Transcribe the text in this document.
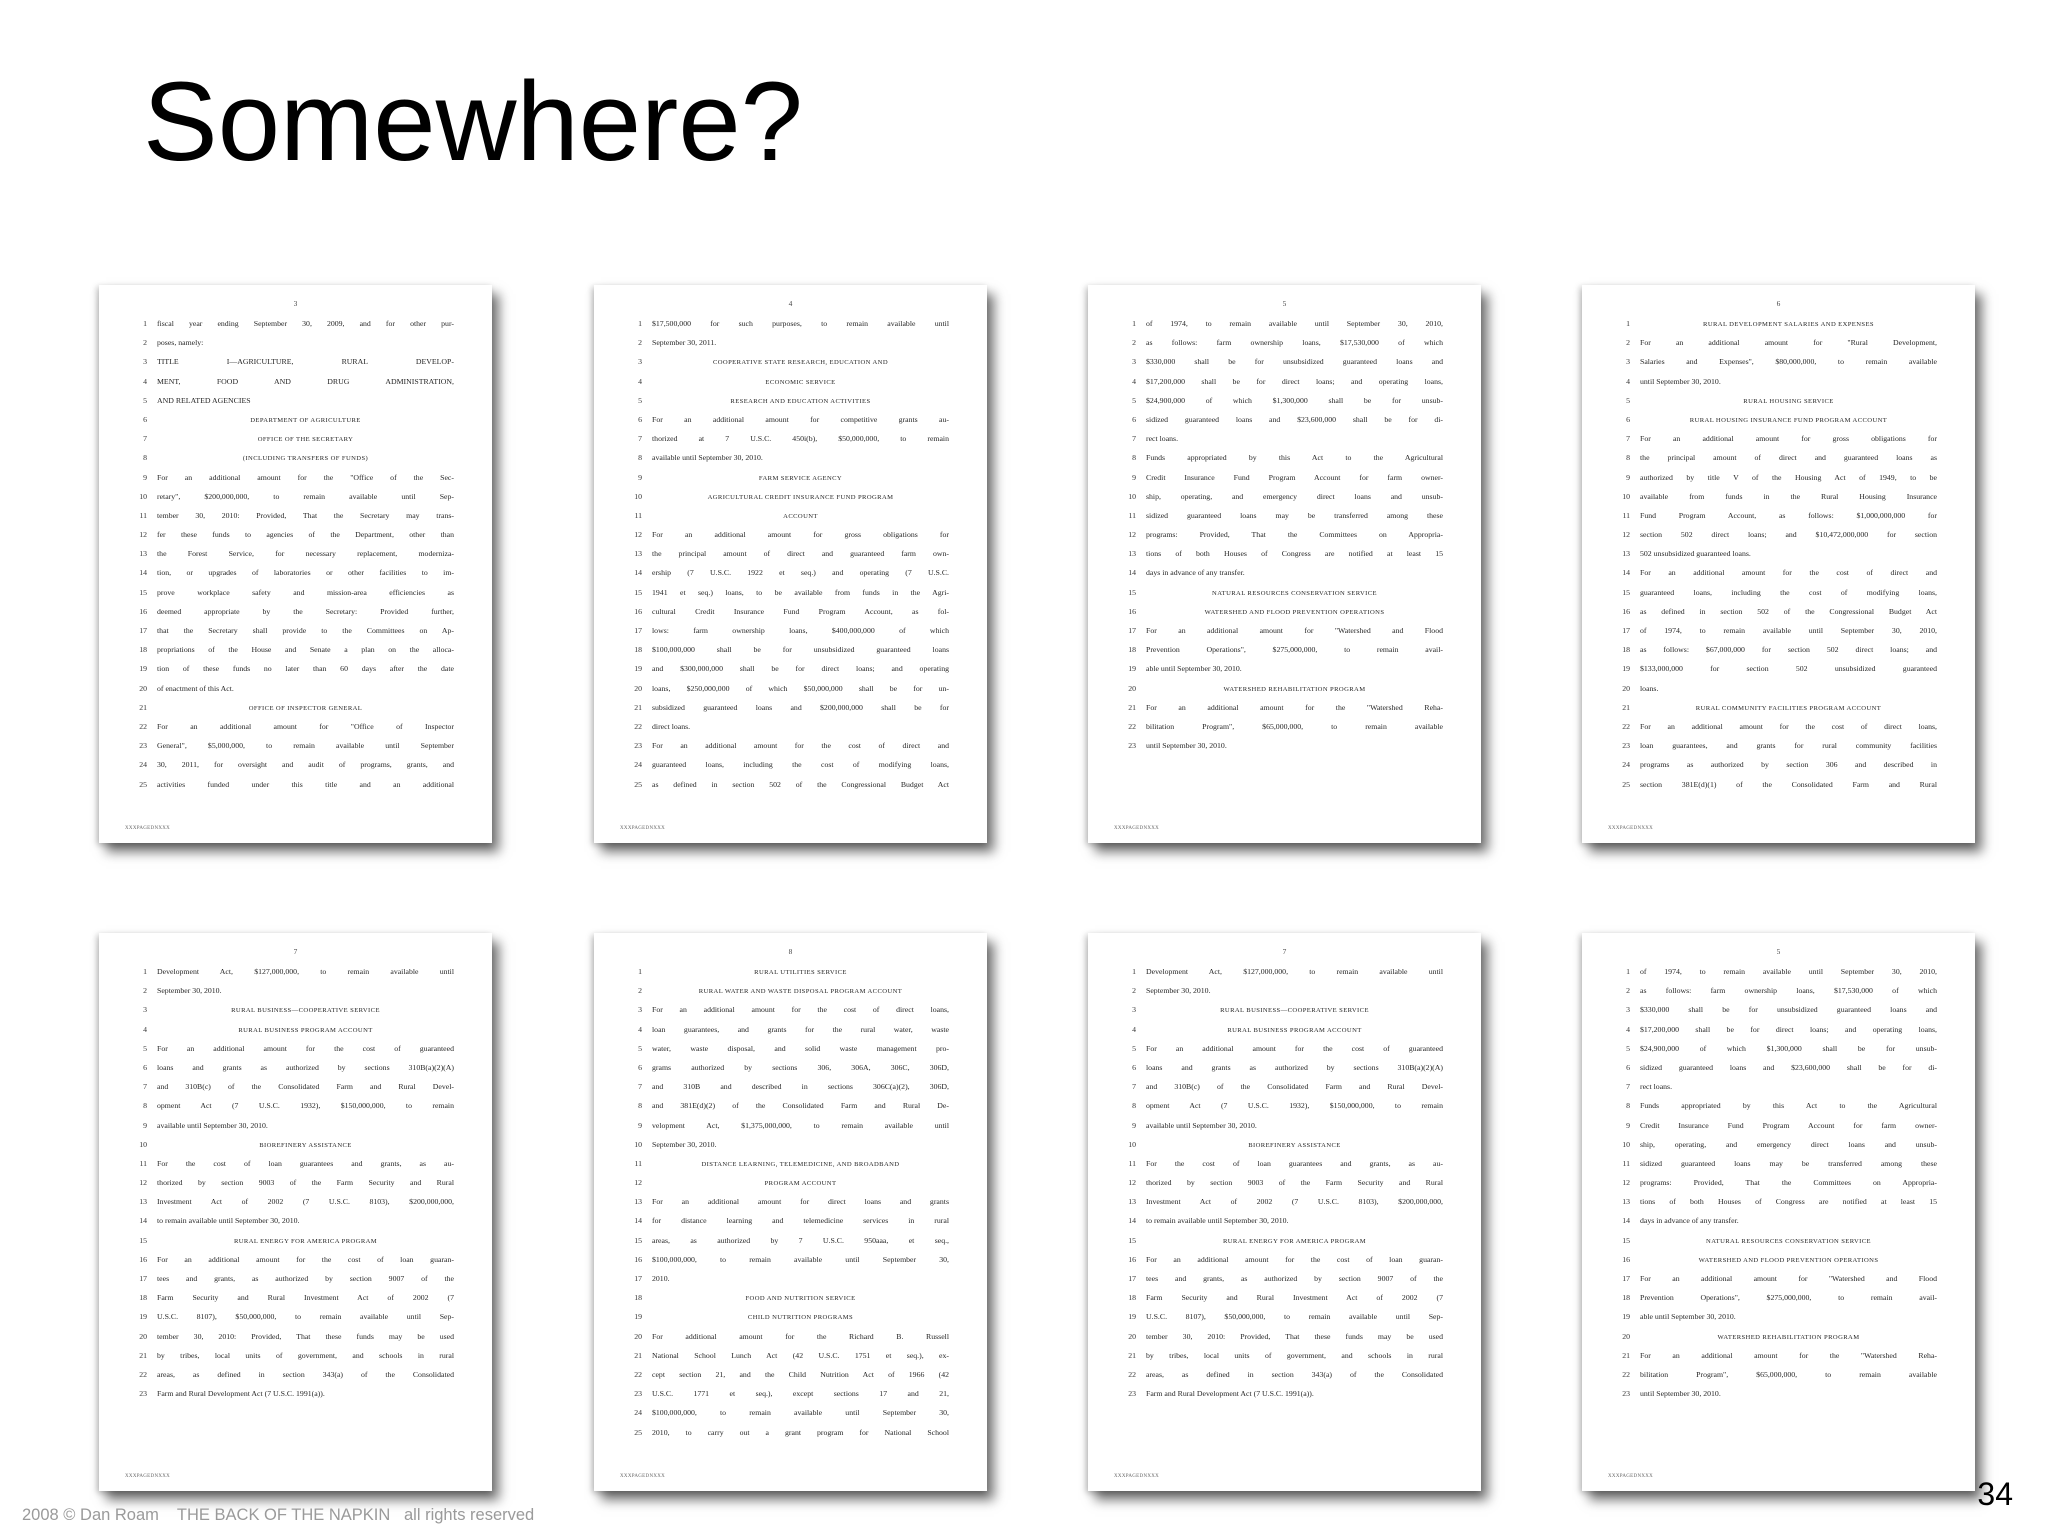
Somewhere?
3
1 fiscal year ending September 30, 2009, and for other pur-
2 poses, namely:
3 TITLE I—AGRICULTURE, RURAL DEVELOP-
4 MENT, FOOD AND DRUG ADMINISTRATION,
5 AND RELATED AGENCIES
6	DEPARTMENT OF AGRICULTURE
7	OFFICE OF THE SECRETARY
8	(INCLUDING TRANSFERS OF FUNDS)
9 For an additional amount for the "Office of the Sec-
10 retary", $200,000,000, to remain available until Sep-
11 tember 30, 2010: Provided, That the Secretary may trans-
12 fer these funds to agencies of the Department, other than
13 the Forest Service, for necessary replacement, moderniza-
14 tion, or upgrades of laboratories or other facilities to im-
15 prove workplace safety and mission-area efficiencies as
16 deemed appropriate by the Secretary: Provided further,
17 that the Secretary shall provide to the Committees on Ap-
18 propriations of the House and Senate a plan on the alloca-
19 tion of these funds no later than 60 days after the date
20 of enactment of this Act.
21	OFFICE OF INSPECTOR GENERAL
22 For an additional amount for "Office of Inspector
23 General", $5,000,000, to remain available until September
24 30, 2011, for oversight and audit of programs, grants, and
25 activities funded under this title and an additional
XXXPAGEDNXXX
4
1 $17,500,000 for such purposes, to remain available until
2 September 30, 2011.
3	COOPERATIVE STATE RESEARCH, EDUCATION AND
4	ECONOMIC SERVICE
5	RESEARCH AND EDUCATION ACTIVITIES
6 For an additional amount for competitive grants au-
7 thorized at 7 U.S.C. 450i(b), $50,000,000, to remain
8 available until September 30, 2010.
9	FARM SERVICE AGENCY
10	AGRICULTURAL CREDIT INSURANCE FUND PROGRAM
11	ACCOUNT
12 For an additional amount for gross obligations for
13 the principal amount of direct and guaranteed farm own-
14 ership (7 U.S.C. 1922 et seq.) and operating (7 U.S.C.
15 1941 et seq.) loans, to be available from funds in the Agri-
16 cultural Credit Insurance Fund Program Account, as fol-
17 lows: farm ownership loans, $400,000,000 of which
18 $100,000,000 shall be for unsubsidized guaranteed loans
19 and $300,000,000 shall be for direct loans; and operating
20 loans, $250,000,000 of which $50,000,000 shall be for un-
21 subsidized guaranteed loans and $200,000,000 shall be for
22 direct loans.
23 For an additional amount for the cost of direct and
24 guaranteed loans, including the cost of modifying loans,
25 as defined in section 502 of the Congressional Budget Act
XXXPAGEDNXXX
5
1 of 1974, to remain available until September 30, 2010,
2 as follows: farm ownership loans, $17,530,000 of which
3 $330,000 shall be for unsubsidized guaranteed loans and
4 $17,200,000 shall be for direct loans; and operating loans,
5 $24,900,000 of which $1,300,000 shall be for unsub-
6 sidized guaranteed loans and $23,600,000 shall be for di-
7 rect loans.
8 Funds appropriated by this Act to the Agricultural
9 Credit Insurance Fund Program Account for farm owner-
10 ship, operating, and emergency direct loans and unsub-
11 sidized guaranteed loans may be transferred among these
12 programs: Provided, That the Committees on Appropria-
13 tions of both Houses of Congress are notified at least 15
14 days in advance of any transfer.
15	NATURAL RESOURCES CONSERVATION SERVICE
16	WATERSHED AND FLOOD PREVENTION OPERATIONS
17 For an additional amount for "Watershed and Flood
18 Prevention Operations", $275,000,000, to remain avail-
19 able until September 30, 2010.
20	WATERSHED REHABILITATION PROGRAM
21 For an additional amount for the "Watershed Reha-
22 bilitation Program", $65,000,000, to remain available
23 until September 30, 2010.
XXXPAGEDNXXX
6
1	RURAL DEVELOPMENT SALARIES AND EXPENSES
2 For an additional amount for "Rural Development,
3 Salaries and Expenses", $80,000,000, to remain available
4 until September 30, 2010.
5	RURAL HOUSING SERVICE
6	RURAL HOUSING INSURANCE FUND PROGRAM ACCOUNT
7 For an additional amount for gross obligations for
8 the principal amount of direct and guaranteed loans as
9 authorized by title V of the Housing Act of 1949, to be
10 available from funds in the Rural Housing Insurance
11 Fund Program Account, as follows: $1,000,000,000 for
12 section 502 direct loans; and $10,472,000,000 for section
13 502 unsubsidized guaranteed loans.
14 For an additional amount for the cost of direct and
15 guaranteed loans, including the cost of modifying loans,
16 as defined in section 502 of the Congressional Budget Act
17 of 1974, to remain available until September 30, 2010,
18 as follows: $67,000,000 for section 502 direct loans; and
19 $133,000,000 for section 502 unsubsidized guaranteed
20 loans.
21	RURAL COMMUNITY FACILITIES PROGRAM ACCOUNT
22 For an additional amount for the cost of direct loans,
23 loan guarantees, and grants for rural community facilities
24 programs as authorized by section 306 and described in
25 section 381E(d)(1) of the Consolidated Farm and Rural
XXXPAGEDNXXX
7
1 Development Act, $127,000,000, to remain available until
2 September 30, 2010.
3	RURAL BUSINESS—COOPERATIVE SERVICE
4	RURAL BUSINESS PROGRAM ACCOUNT
5 For an additional amount for the cost of guaranteed
6 loans and grants as authorized by sections 310B(a)(2)(A)
7 and 310B(c) of the Consolidated Farm and Rural Devel-
8 opment Act (7 U.S.C. 1932), $150,000,000, to remain
9 available until September 30, 2010.
10	BIOREFINERY ASSISTANCE
11 For the cost of loan guarantees and grants, as au-
12 thorized by section 9003 of the Farm Security and Rural
13 Investment Act of 2002 (7 U.S.C. 8103), $200,000,000,
14 to remain available until September 30, 2010.
15	RURAL ENERGY FOR AMERICA PROGRAM
16 For an additional amount for the cost of loan guaran-
17 tees and grants, as authorized by section 9007 of the
18 Farm Security and Rural Investment Act of 2002 (7
19 U.S.C. 8107), $50,000,000, to remain available until Sep-
20 tember 30, 2010: Provided, That these funds may be used
21 by tribes, local units of government, and schools in rural
22 areas, as defined in section 343(a) of the Consolidated
23 Farm and Rural Development Act (7 U.S.C. 1991(a)).
XXXPAGEDNXXX
8
1	RURAL UTILITIES SERVICE
2	RURAL WATER AND WASTE DISPOSAL PROGRAM ACCOUNT
3 For an additional amount for the cost of direct loans,
4 loan guarantees, and grants for the rural water, waste
5 water, waste disposal, and solid waste management pro-
6 grams authorized by sections 306, 306A, 306C, 306D,
7 and 310B and described in sections 306C(a)(2), 306D,
8 and 381E(d)(2) of the Consolidated Farm and Rural De-
9 velopment Act, $1,375,000,000, to remain available until
10 September 30, 2010.
11	DISTANCE LEARNING, TELEMEDICINE, AND BROADBAND
12	PROGRAM ACCOUNT
13 For an additional amount for direct loans and grants
14 for distance learning and telemedicine services in rural
15 areas, as authorized by 7 U.S.C. 950aaa, et seq.,
16 $100,000,000, to remain available until September 30,
17 2010.
18	FOOD AND NUTRITION SERVICE
19	CHILD NUTRITION PROGRAMS
20 For additional amount for the Richard B. Russell
21 National School Lunch Act (42 U.S.C. 1751 et seq.), ex-
22 cept section 21, and the Child Nutrition Act of 1966 (42
23 U.S.C. 1771 et seq.), except sections 17 and 21,
24 $100,000,000, to remain available until September 30,
25 2010, to carry out a grant program for National School
XXXPAGEDNXXX
7
1 Development Act, $127,000,000, to remain available until
2 September 30, 2010.
3	RURAL BUSINESS—COOPERATIVE SERVICE
4	RURAL BUSINESS PROGRAM ACCOUNT
5 For an additional amount for the cost of guaranteed
6 loans and grants as authorized by sections 310B(a)(2)(A)
7 and 310B(c) of the Consolidated Farm and Rural Devel-
8 opment Act (7 U.S.C. 1932), $150,000,000, to remain
9 available until September 30, 2010.
10	BIOREFINERY ASSISTANCE
11 For the cost of loan guarantees and grants, as au-
12 thorized by section 9003 of the Farm Security and Rural
13 Investment Act of 2002 (7 U.S.C. 8103), $200,000,000,
14 to remain available until September 30, 2010.
15	RURAL ENERGY FOR AMERICA PROGRAM
16 For an additional amount for the cost of loan guaran-
17 tees and grants, as authorized by section 9007 of the
18 Farm Security and Rural Investment Act of 2002 (7
19 U.S.C. 8107), $50,000,000, to remain available until Sep-
20 tember 30, 2010: Provided, That these funds may be used
21 by tribes, local units of government, and schools in rural
22 areas, as defined in section 343(a) of the Consolidated
23 Farm and Rural Development Act (7 U.S.C. 1991(a)).
XXXPAGEDNXXX
5
1 of 1974, to remain available until September 30, 2010,
2 as follows: farm ownership loans, $17,530,000 of which
3 $330,000 shall be for unsubsidized guaranteed loans and
4 $17,200,000 shall be for direct loans; and operating loans,
5 $24,900,000 of which $1,300,000 shall be for unsub-
6 sidized guaranteed loans and $23,600,000 shall be for di-
7 rect loans.
8 Funds appropriated by this Act to the Agricultural
9 Credit Insurance Fund Program Account for farm owner-
10 ship, operating, and emergency direct loans and unsub-
11 sidized guaranteed loans may be transferred among these
12 programs: Provided, That the Committees on Appropria-
13 tions of both Houses of Congress are notified at least 15
14 days in advance of any transfer.
15	NATURAL RESOURCES CONSERVATION SERVICE
16	WATERSHED AND FLOOD PREVENTION OPERATIONS
17 For an additional amount for "Watershed and Flood
18 Prevention Operations", $275,000,000, to remain avail-
19 able until September 30, 2010.
20	WATERSHED REHABILITATION PROGRAM
21 For an additional amount for the "Watershed Reha-
22 bilitation Program", $65,000,000, to remain available
23 until September 30, 2010.
XXXPAGEDNXXX	34
2008 © Dan Roam    THE BACK OF THE NAPKIN   all rights reserved
